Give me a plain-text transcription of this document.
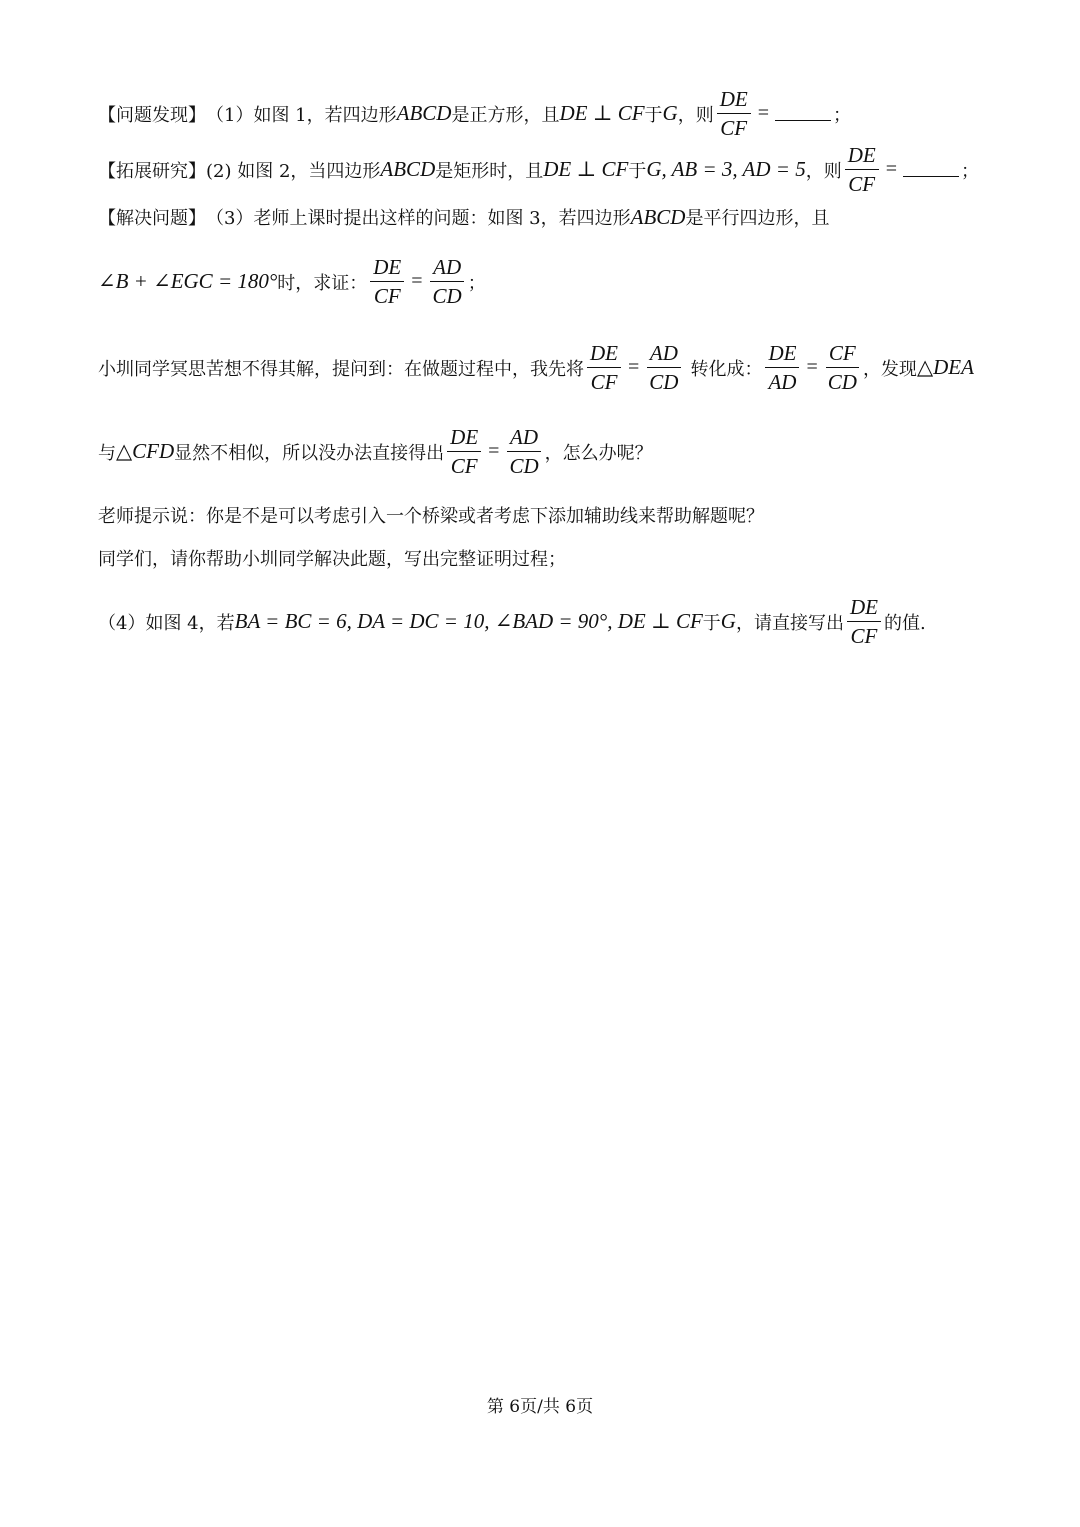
【问题发现】 （1）如图 1，若四边形 ABCD 是正方形，且 DE ⊥ CF 于 G ，则 $\frac{DE}{CF}$ =	；
【拓展研究】 (2) 如图 2，当四边形 ABCD 是矩形时，且 DE ⊥ CF 于 G, AB = 3, AD = 5 ，则 $\frac{DE}{CF}$ =	；
【解决问题】 （3）老师上课时提出这样的问题：如图 3，若四边形 ABCD 是平行四边形，且
∠B + ∠EGC = 180° 时，求证： $\frac{DE}{CF} = \frac{AD}{CD}$ ；
小圳同学冥思苦想不得其解，提问到：在做题过程中，我先将 $\frac{DE}{CF} = \frac{AD}{CD}$ 转化成： $\frac{DE}{AD} = \frac{CF}{CD}$ ，发现 △DEA
与 △CFD 显然不相似，所以没办法直接得出 $\frac{DE}{CF} = \frac{AD}{CD}$ ，怎么办呢？
老师提示说：你是不是可以考虑引入一个桥梁或者考虑下添加辅助线来帮助解题呢？
同学们，请你帮助小圳同学解决此题，写出完整证明过程；
（4）如图 4，若 BA = BC = 6, DA = DC = 10, ∠BAD = 90°, DE ⊥ CF 于 G ，请直接写出 $\frac{DE}{CF}$ 的值.
第 6页/共 6页
